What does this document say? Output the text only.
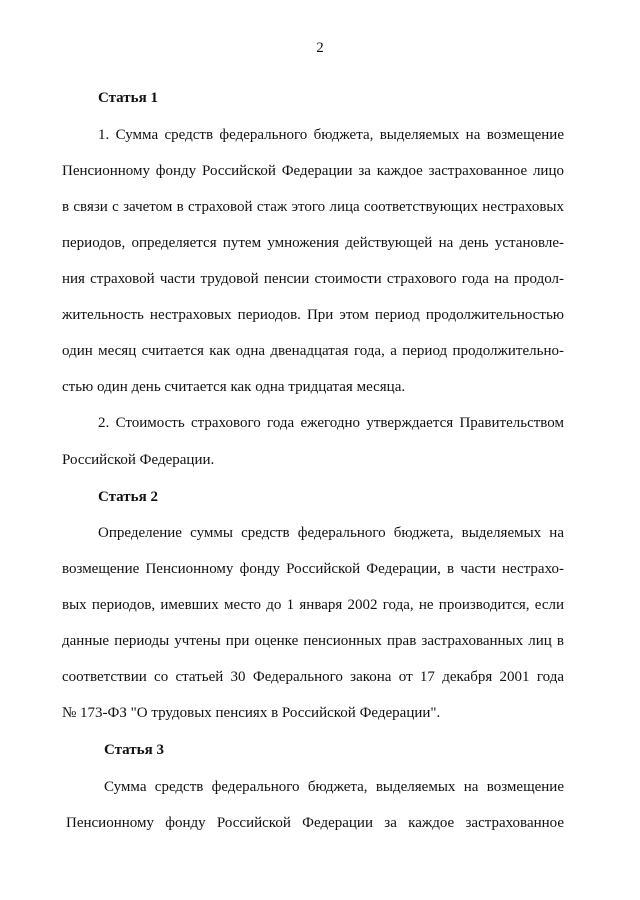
2
Статья 1
1. Сумма средств федерального бюджета, выделяемых на возмещение
Пенсионному фонду Российской Федерации за каждое застрахованное лицо
в связи с зачетом в страховой стаж этого лица соответствующих нестраховых
периодов, определяется путем умножения действующей на день установле-
ния страховой части трудовой пенсии стоимости страхового года на продол-
жительность нестраховых периодов. При этом период продолжительностью
один месяц считается как одна двенадцатая года, а период продолжительно-
стью один день считается как одна тридцатая месяца.
2. Стоимость страхового года ежегодно утверждается Правительством
Российской Федерации.
Статья 2
Определение суммы средств федерального бюджета, выделяемых на
возмещение Пенсионному фонду Российской Федерации, в части нестрахо-
вых периодов, имевших место до 1 января 2002 года, не производится, если
данные периоды учтены при оценке пенсионных прав застрахованных лиц в
соответствии со статьей 30 Федерального закона от 17 декабря 2001 года
№ 173-ФЗ "О трудовых пенсиях в Российской Федерации".
Статья 3
Сумма средств федерального бюджета, выделяемых на возмещение
Пенсионному фонду Российской Федерации за каждое застрахованное
